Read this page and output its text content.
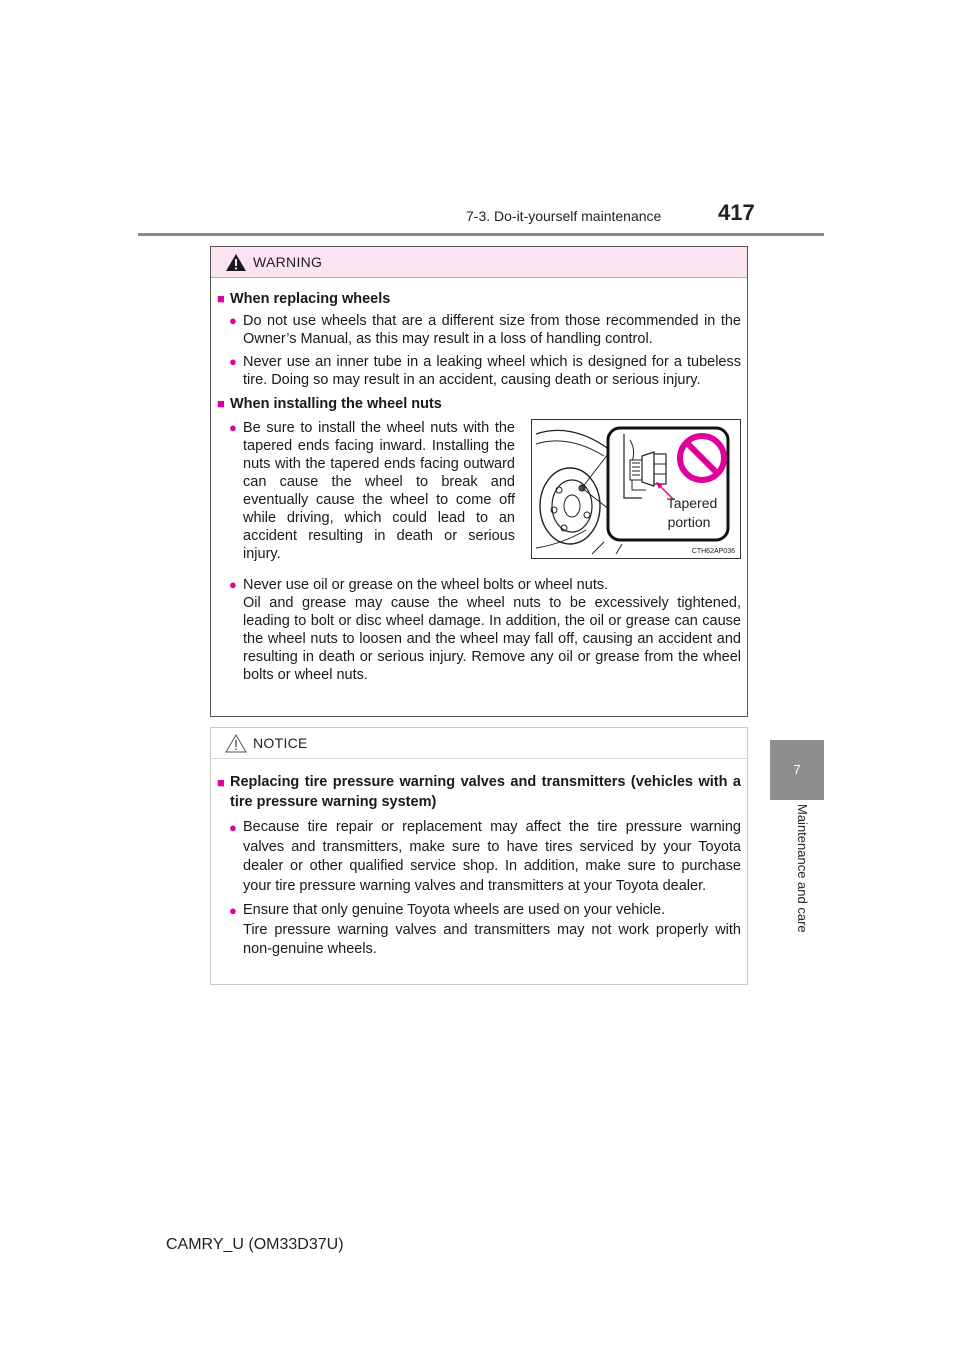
7-3. Do-it-yourself maintenance	417
7
Maintenance and care
WARNING
■ When replacing wheels
● Do not use wheels that are a different size from those recommended in the Owner’s Manual, as this may result in a loss of handling control.
● Never use an inner tube in a leaking wheel which is designed for a tubeless tire. Doing so may result in an accident, causing death or serious injury.
■ When installing the wheel nuts
● Be sure to install the wheel nuts with the tapered ends facing inward. Installing the nuts with the tapered ends facing outward can cause the wheel to break and eventually cause the wheel to come off while driving, which could lead to an accident resulting in death or serious injury.
Tapered
portion
CTH62AP036
● Never use oil or grease on the wheel bolts or wheel nuts.

Oil and grease may cause the wheel nuts to be excessively tightened, leading to bolt or disc wheel damage. In addition, the oil or grease can cause the wheel nuts to loosen and the wheel may fall off, causing an accident and resulting in death or serious injury. Remove any oil or grease from the wheel bolts or wheel nuts.

NOTICE
■ Replacing tire pressure warning valves and transmitters (vehicles with a tire pressure warning system)
● Because tire repair or replacement may affect the tire pressure warning valves and transmitters, make sure to have tires serviced by your Toyota dealer or other qualified service shop. In addition, make sure to purchase your tire pressure warning valves and transmitters at your Toyota dealer.
● Ensure that only genuine Toyota wheels are used on your vehicle.

Tire pressure warning valves and transmitters may not work properly with non-genuine wheels.

CAMRY_U (OM33D37U)
